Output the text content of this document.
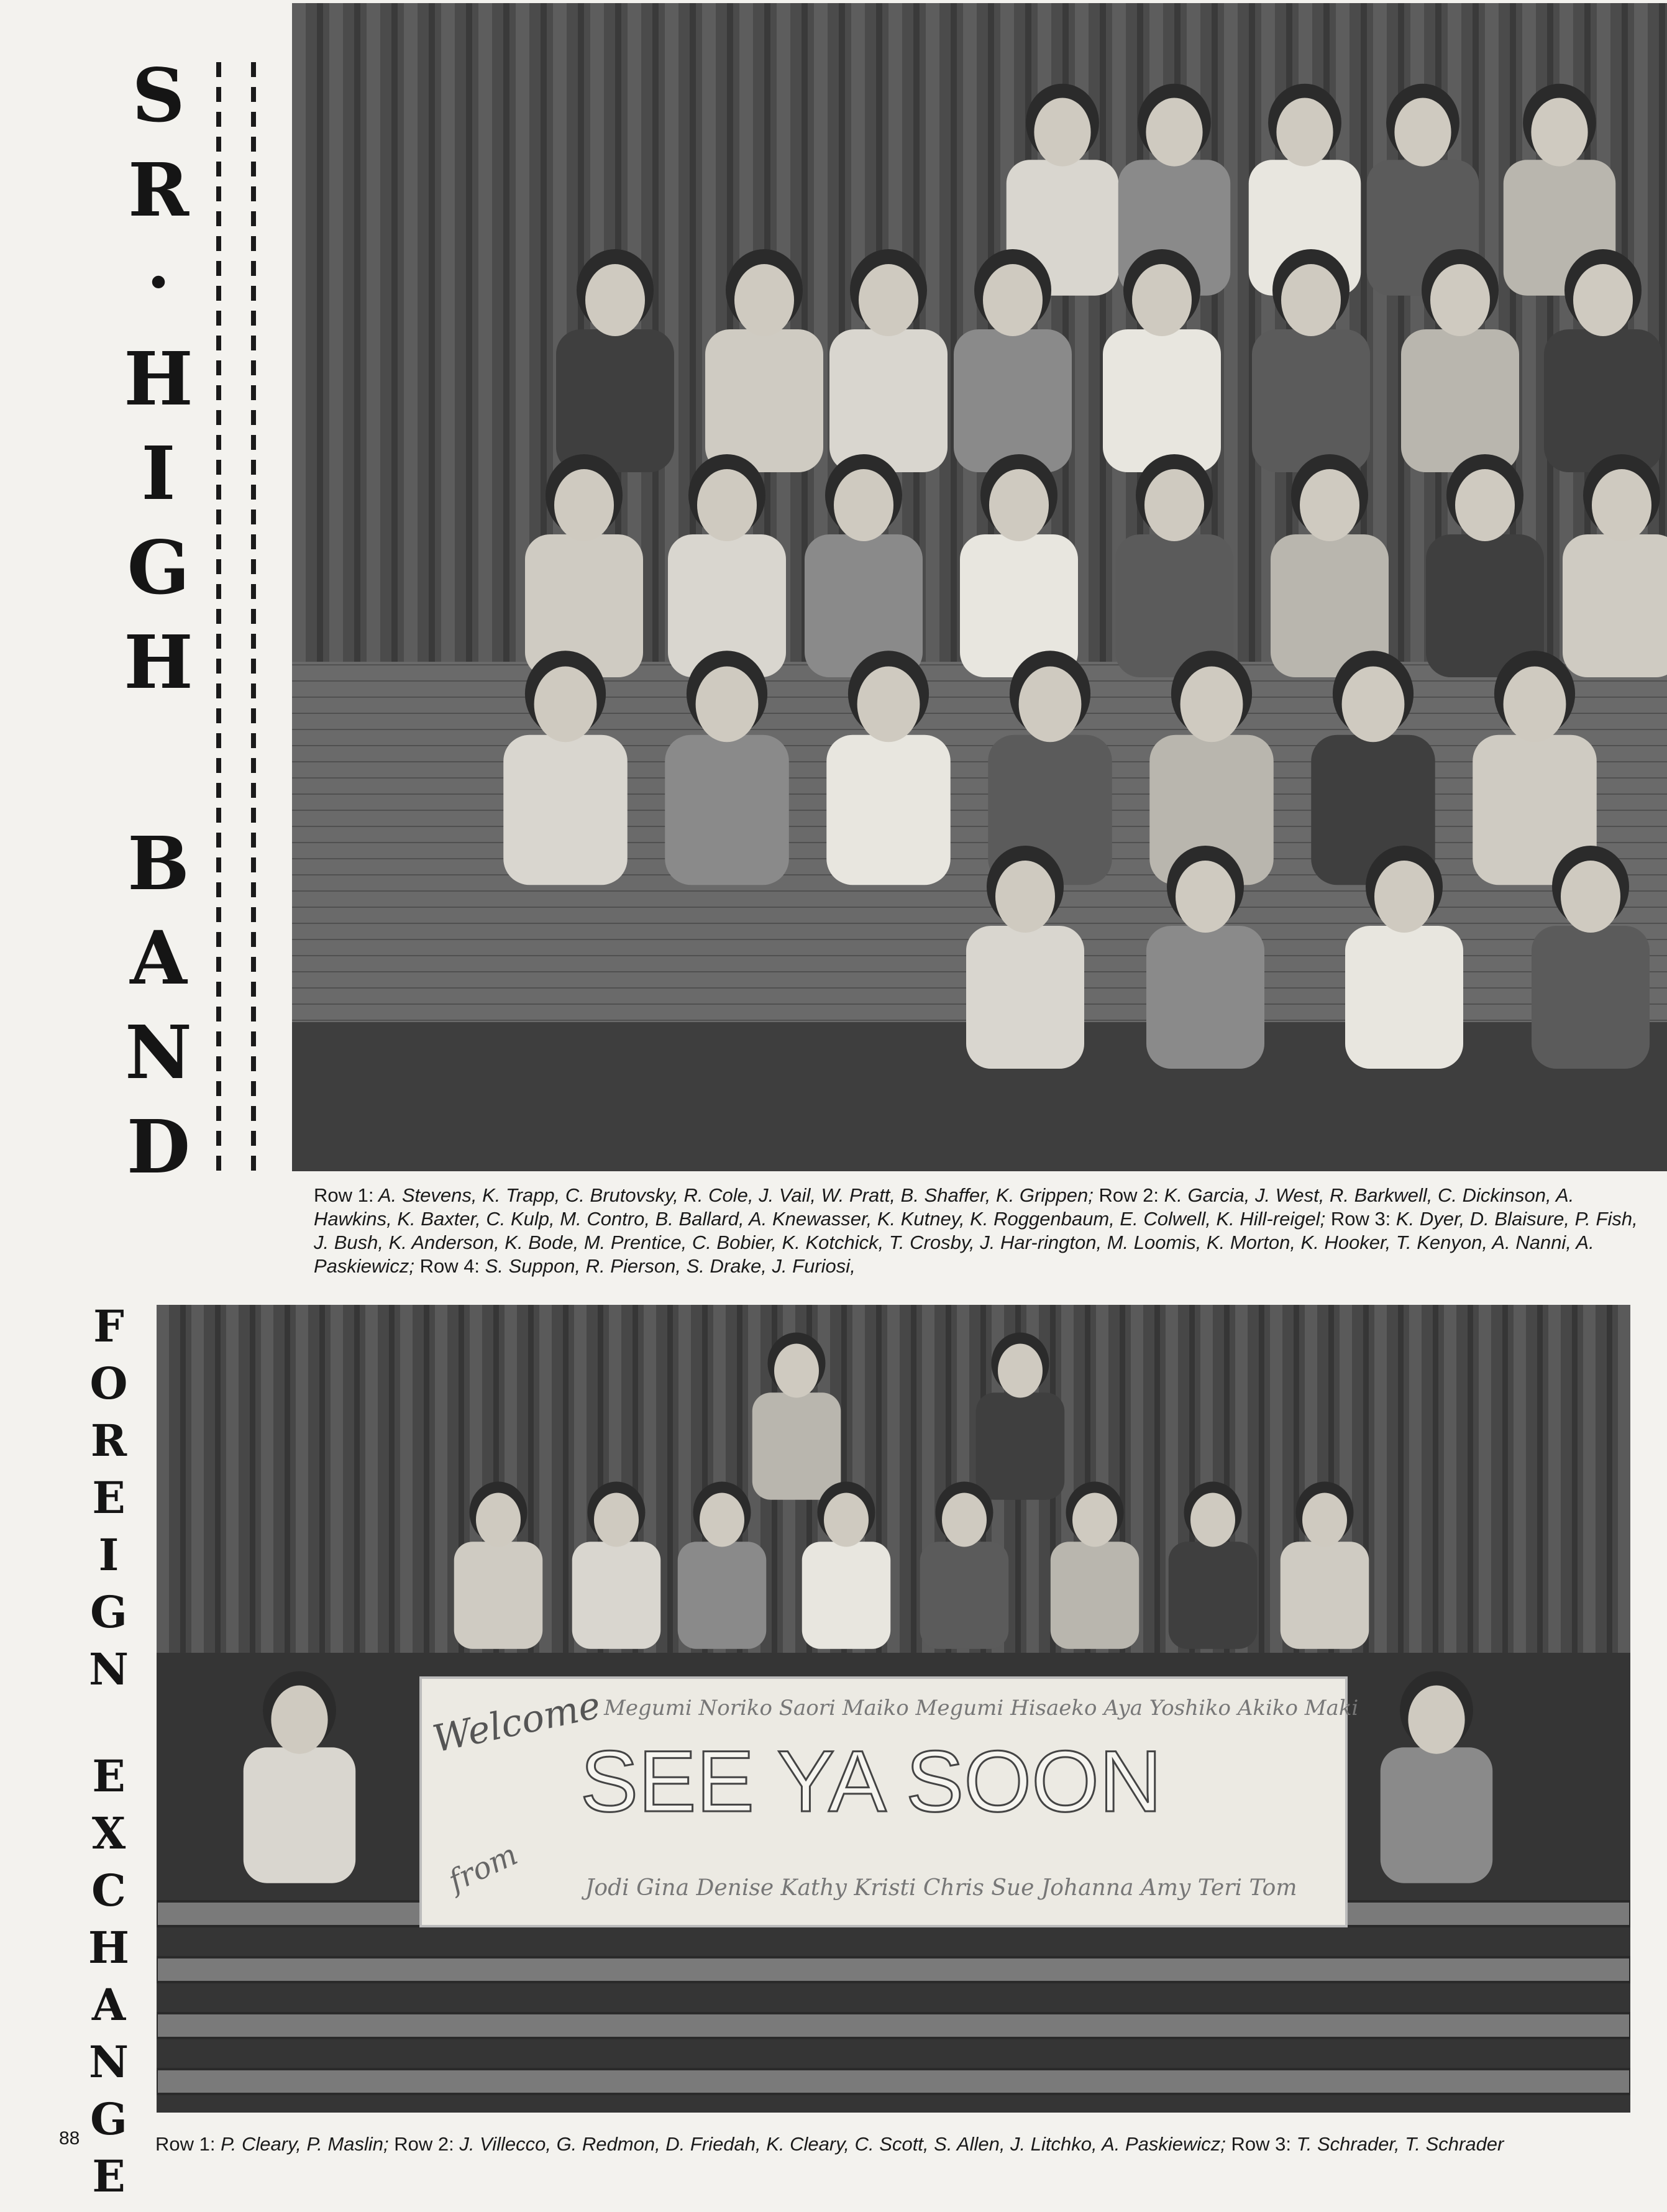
S
R
·
H
I
G
H
B
A
N
D
F
O
R
E
I
G
N
E
X
C
H
A
N
G
E
Row 1: A. Stevens, K. Trapp, C. Brutovsky, R. Cole, J. Vail, W. Pratt, B. Shaffer, K. Grippen; Row 2: K. Garcia, J. West, R. Barkwell, C. Dickinson, A. Hawkins, K. Baxter, C. Kulp, M. Contro, B. Ballard, A. Knewasser, K. Kutney, K. Roggenbaum, E. Colwell, K. Hill-reigel; Row 3: K. Dyer, D. Blaisure, P. Fish, J. Bush, K. Anderson, K. Bode, M. Prentice, C. Bobier, K. Kotchick, T. Crosby, J. Har-rington, M. Loomis, K. Morton, K. Hooker, T. Kenyon, A. Nanni, A. Paskiewicz; Row 4: S. Suppon, R. Pierson, S. Drake, J. Furiosi,
Welcome Megumi Noriko Saori Maiko Megumi Hisaeko Aya Yoshiko Akiko Maki
SEE YA SOON
from	Jodi Gina Denise Kathy Kristi Chris Sue Johanna Amy Teri Tom
88	Row 1: P. Cleary, P. Maslin; Row 2: J. Villecco, G. Redmon, D. Friedah, K. Cleary, C. Scott, S. Allen, J. Litchko, A. Paskiewicz; Row 3: T. Schrader, T. Schrader
